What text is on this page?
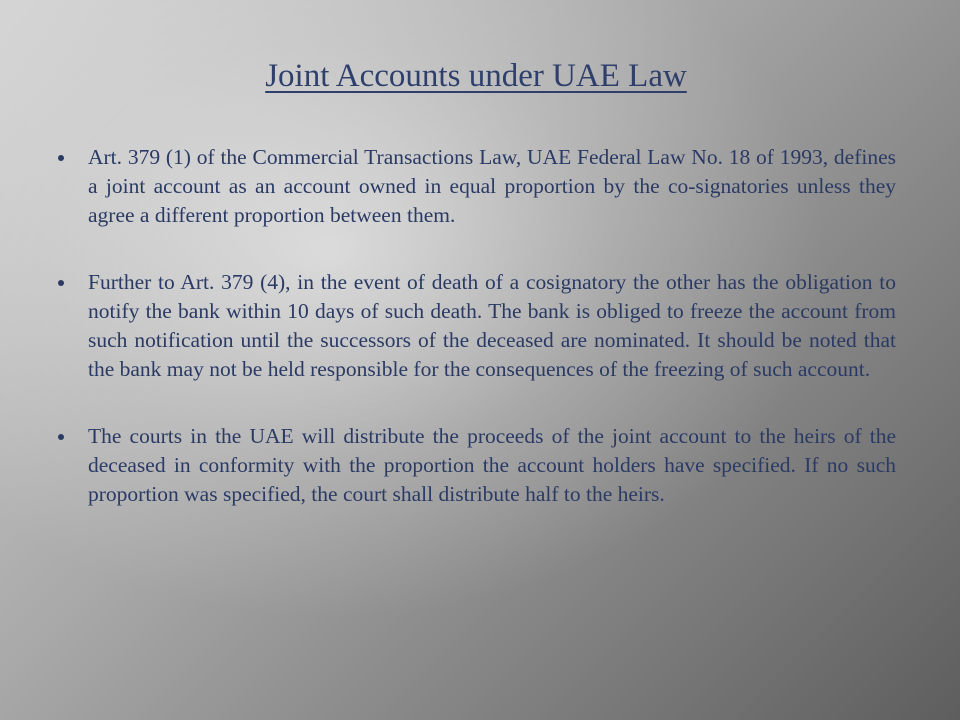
Joint Accounts under UAE Law
Art. 379 (1) of the Commercial Transactions Law, UAE Federal Law No. 18 of 1993, defines a joint account as an account owned in equal proportion by the co-signatories unless they agree a different proportion between them.
Further to Art. 379 (4), in the event of death of a cosignatory the other has the obligation to notify the bank within 10 days of such death. The bank is obliged to freeze the account from such notification until the successors of the deceased are nominated. It should be noted that the bank may not be held responsible for the consequences of the freezing of such account.
The courts in the UAE will distribute the proceeds of the joint account to the heirs of the deceased in conformity with the proportion the account holders have specified. If no such proportion was specified, the court shall distribute half to the heirs.
